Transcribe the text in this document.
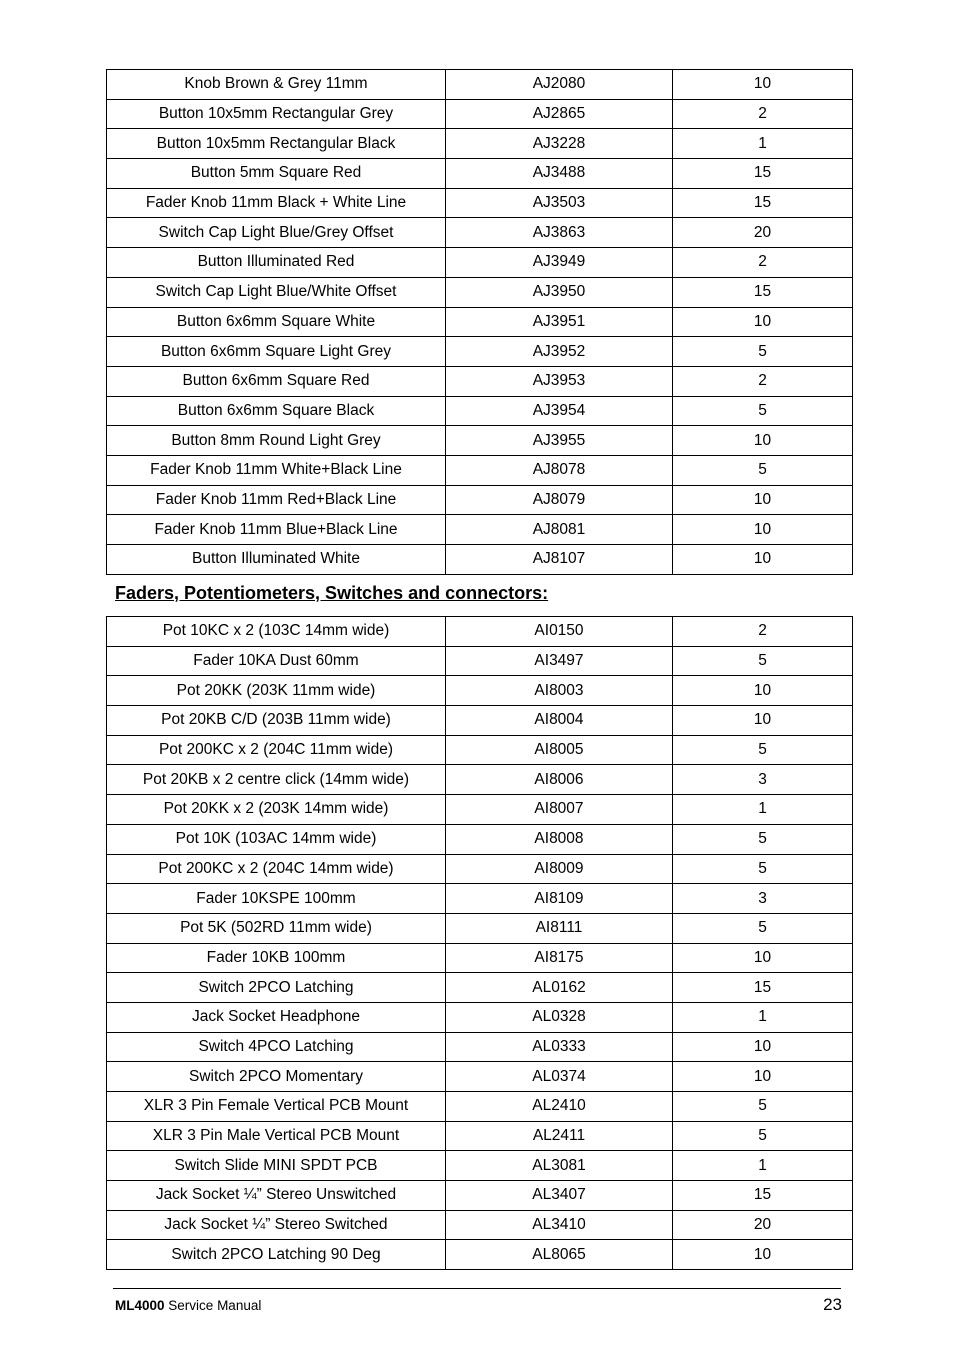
Knob Brown & Grey 11mm	AJ2080	10
Button 10x5mm Rectangular Grey	AJ2865	2
Button 10x5mm Rectangular Black	AJ3228	1
Button 5mm Square Red	AJ3488	15
Fader Knob 11mm Black + White Line	AJ3503	15
Switch Cap Light Blue/Grey Offset	AJ3863	20
Button Illuminated Red	AJ3949	2
Switch Cap Light Blue/White Offset	AJ3950	15
Button 6x6mm Square White	AJ3951	10
Button 6x6mm Square Light Grey	AJ3952	5
Button 6x6mm Square Red	AJ3953	2
Button 6x6mm Square Black	AJ3954	5
Button 8mm Round Light Grey	AJ3955	10
Fader Knob 11mm White+Black Line	AJ8078	5
Fader Knob 11mm Red+Black Line	AJ8079	10
Fader Knob 11mm Blue+Black Line	AJ8081	10
Button Illuminated White	AJ8107	10
Faders, Potentiometers, Switches and connectors:
Pot 10KC x 2 (103C 14mm wide)	AI0150	2
Fader 10KA Dust 60mm	AI3497	5
Pot 20KK (203K 11mm wide)	AI8003	10
Pot 20KB C/D (203B 11mm wide)	AI8004	10
Pot 200KC x 2 (204C 11mm wide)	AI8005	5
Pot 20KB x 2 centre click (14mm wide)	AI8006	3
Pot 20KK x 2 (203K 14mm wide)	AI8007	1
Pot 10K (103AC 14mm wide)	AI8008	5
Pot 200KC x 2 (204C 14mm wide)	AI8009	5
Fader 10KSPE 100mm	AI8109	3
Pot 5K (502RD 11mm wide)	AI8111	5
Fader 10KB 100mm	AI8175	10
Switch 2PCO Latching	AL0162	15
Jack Socket Headphone	AL0328	1
Switch 4PCO Latching	AL0333	10
Switch 2PCO Momentary	AL0374	10
XLR 3 Pin Female Vertical PCB Mount	AL2410	5
XLR 3 Pin Male Vertical PCB Mount	AL2411	5
Switch Slide MINI SPDT PCB	AL3081	1
Jack Socket ¼” Stereo Unswitched	AL3407	15
Jack Socket ¼” Stereo Switched	AL3410	20
Switch 2PCO Latching 90 Deg	AL8065	10
ML4000 Service Manual	23
